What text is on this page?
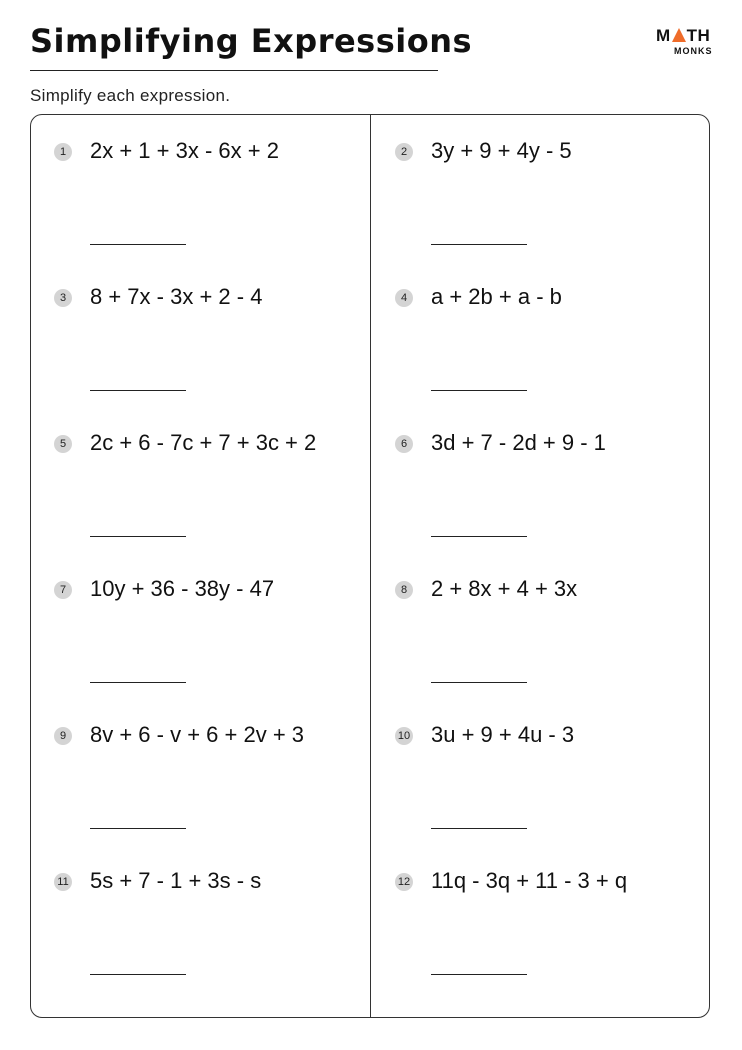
Simplifying Expressions	M TH
MONKS
Simplify each expression.
1 2x + 1 + 3x - 6x + 2	2 3y + 9 + 4y - 5
3 8 + 7x - 3x + 2 - 4	4 a + 2b + a - b
5 2c + 6 - 7c + 7 + 3c + 2	6 3d + 7 - 2d + 9 - 1
7 10y + 36 - 38y - 47	8 2 + 8x + 4 + 3x
9 8v + 6 - v + 6 + 2v + 3	10 3u + 9 + 4u - 3
11 5s + 7 - 1 + 3s - s	12 11q - 3q + 11 - 3 + q
